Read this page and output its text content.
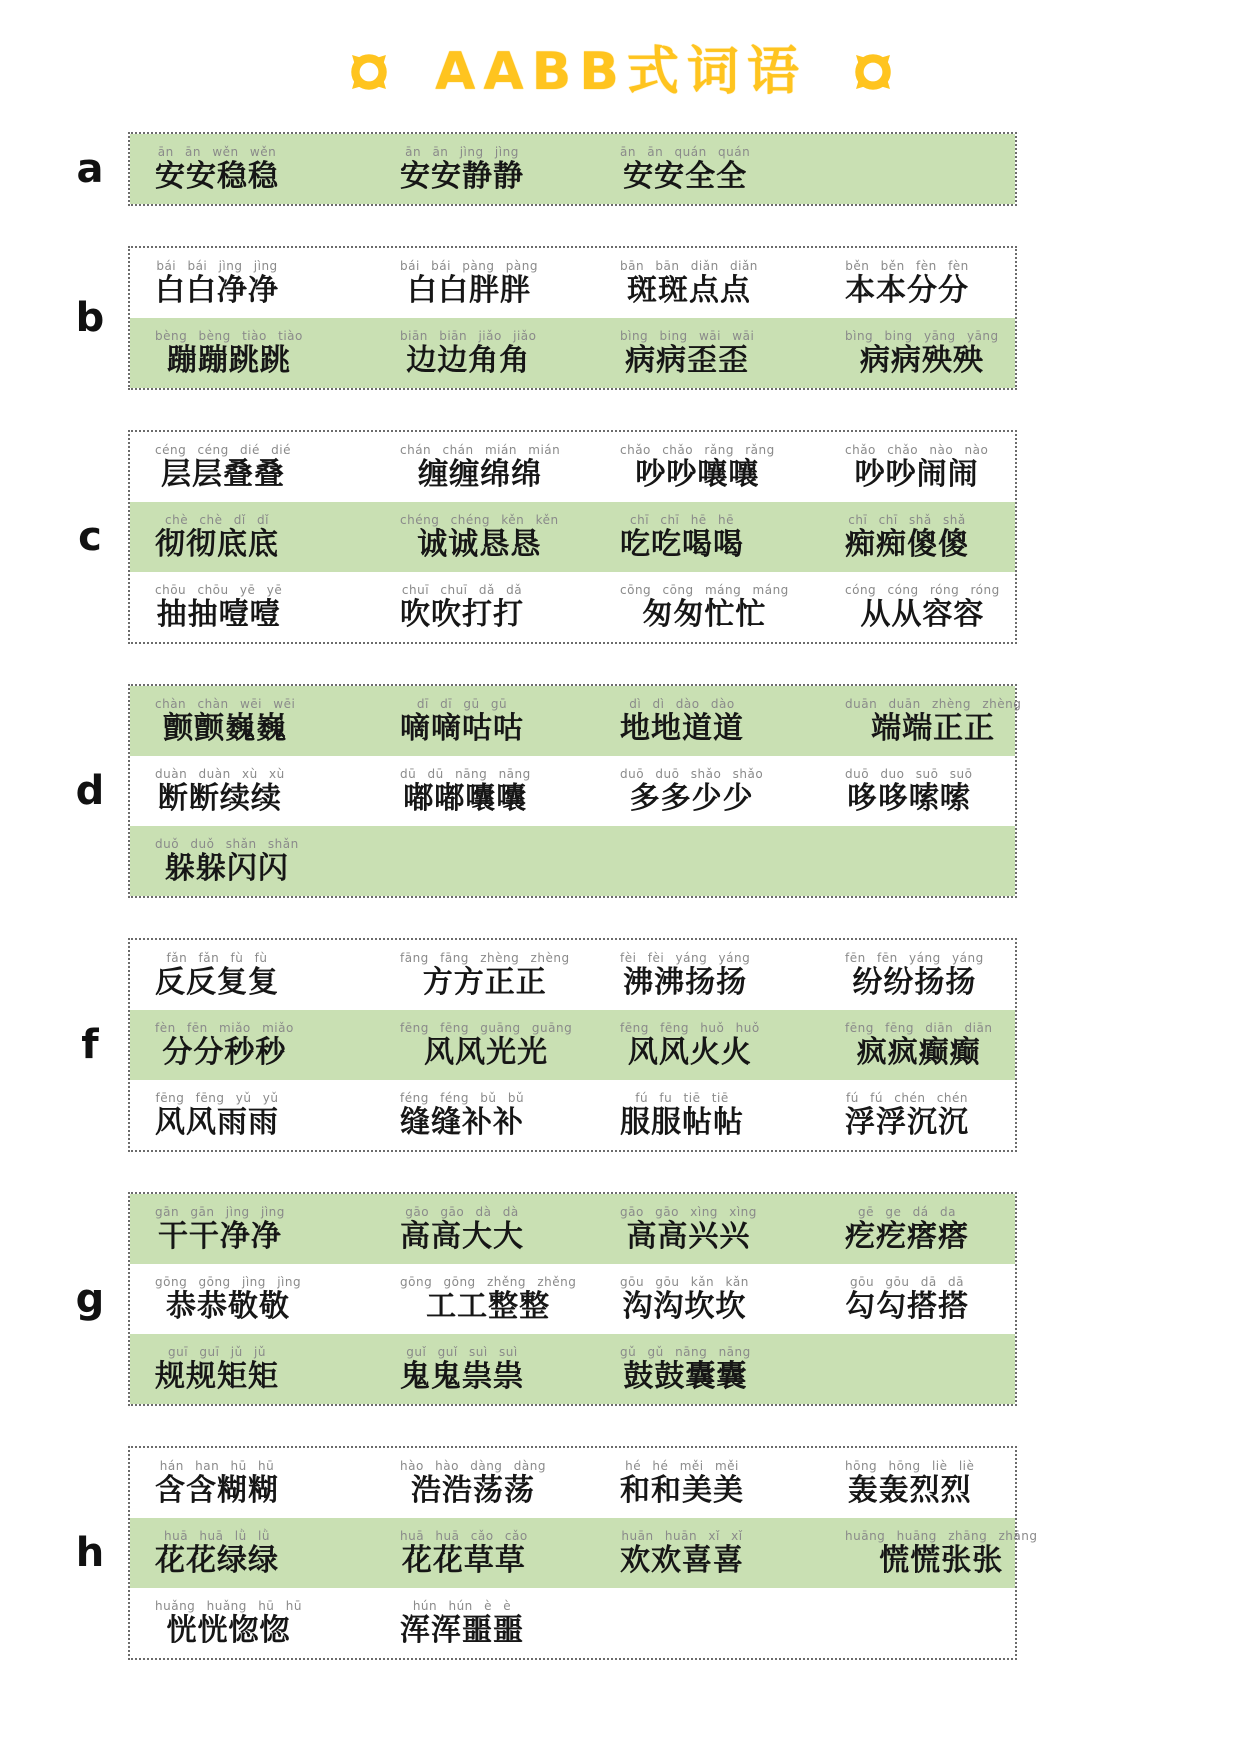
AABB式词语
a	ān ān wěn wěn
安安稳稳
ān ān jìng jìng
安安静静
ān ān quán quán
安安全全
b
bái bái jìng jìng
白白净净
bái bái pàng pàng
白白胖胖
bān bān diǎn diǎn
斑斑点点
běn běn fèn fèn
本本分分
bèng bèng tiào tiào
蹦蹦跳跳
biān biān jiǎo jiǎo
边边角角
bìng bing wāi wāi
病病歪歪
bìng bing yāng yāng
病病殃殃
c
céng céng dié dié
层层叠叠
chán chán mián mián
缠缠绵绵
chǎo chǎo rǎng rǎng
吵吵嚷嚷
chǎo chǎo nào nào
吵吵闹闹
chè chè dǐ dǐ
彻彻底底
chéng chéng kěn kěn
诚诚恳恳
chī chī hē hē
吃吃喝喝
chī chī shǎ shǎ
痴痴傻傻
chōu chōu yē yē
抽抽噎噎
chuī chuī dǎ dǎ
吹吹打打
cōng cōng máng máng
匆匆忙忙
cóng cóng róng róng
从从容容
d
chàn chàn wēi wēi
颤颤巍巍
dī dī gū gū
嘀嘀咕咕
dì dì dào dào
地地道道
duān duān zhèng zhèng
端端正正
duàn duàn xù xù
断断续续
dū dū nāng nāng
嘟嘟囔囔
duō duō shǎo shǎo
多多少少
duō duo suō suō
哆哆嗦嗦
duǒ duǒ shǎn shǎn
躲躲闪闪
f
fǎn fǎn fù fù
反反复复
fāng fāng zhèng zhèng
方方正正
fèi fèi yáng yáng
沸沸扬扬
fēn fēn yáng yáng
纷纷扬扬
fèn fēn miǎo miǎo
分分秒秒
fēng fēng guāng guāng
风风光光
fēng fēng huǒ huǒ
风风火火
fēng fēng diān diān
疯疯癫癫
fēng fēng yǔ yǔ
风风雨雨
féng féng bǔ bǔ
缝缝补补
fú fu tiē tiē
服服帖帖
fú fú chén chén
浮浮沉沉
g
gān gān jìng jìng
干干净净
gāo gāo dà dà
高高大大
gāo gāo xìng xìng
高高兴兴
gē ge dá da
疙疙瘩瘩
gōng gōng jìng jìng
恭恭敬敬
gōng gōng zhěng zhěng
工工整整
gōu gōu kǎn kǎn
沟沟坎坎
gōu gōu dā dā
勾勾搭搭
guī guī jǔ jǔ
规规矩矩
guǐ guǐ suì suì
鬼鬼祟祟
gǔ gǔ nāng nāng
鼓鼓囊囊
h
hán han hū hū
含含糊糊
hào hào dàng dàng
浩浩荡荡
hé hé měi měi
和和美美
hōng hōng liè liè
轰轰烈烈
huā huā lǜ lǜ
花花绿绿
huā huā cǎo cǎo
花花草草
huān huān xǐ xǐ
欢欢喜喜
huāng huāng zhāng zhāng
慌慌张张
huǎng huǎng hū hū
恍恍惚惚
hún hún è è
浑浑噩噩
